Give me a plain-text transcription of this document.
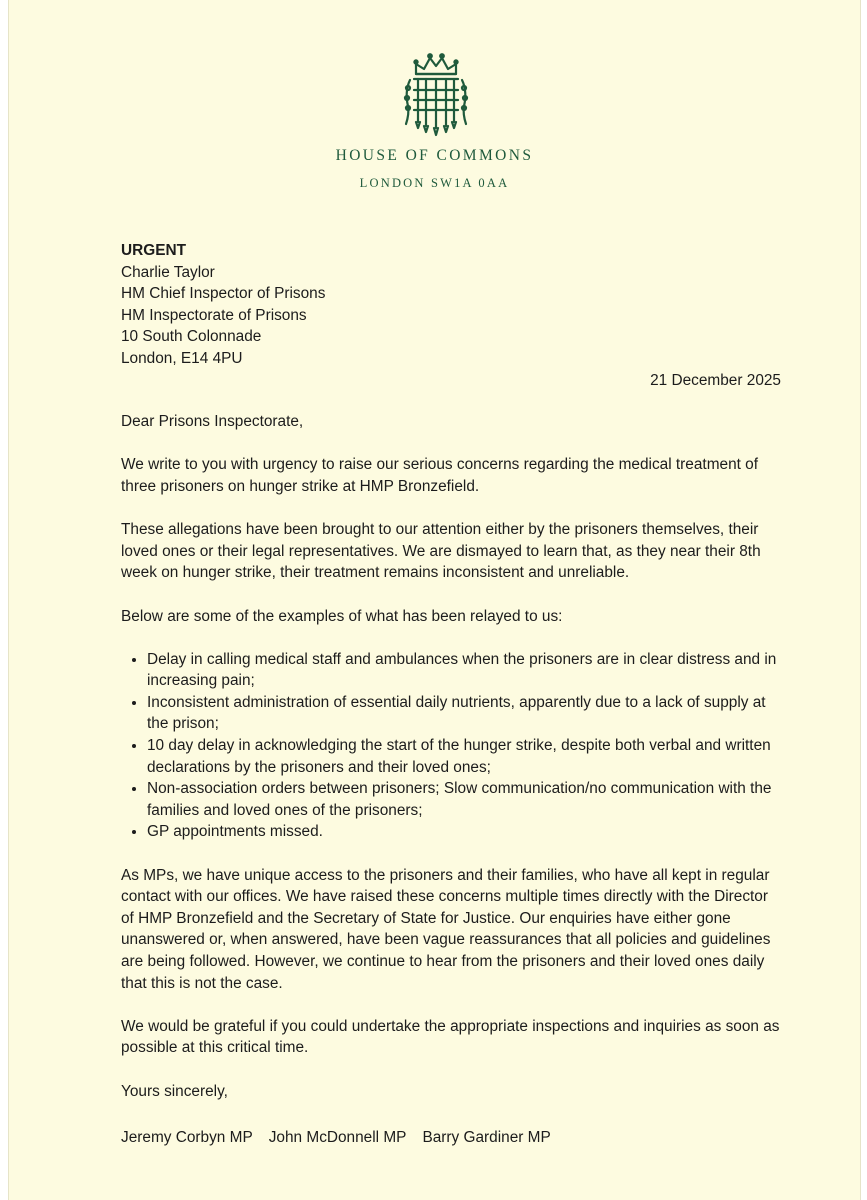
HOUSE OF COMMONS
LONDON SW1A 0AA

URGENT

Charlie Taylor

HM Chief Inspector of Prisons

HM Inspectorate of Prisons

10 South Colonnade

London, E14 4PU

21 December 2025

Dear Prisons Inspectorate,

We write to you with urgency to raise our serious concerns regarding the medical treatment of three prisoners on hunger strike at HMP Bronzefield.

These allegations have been brought to our attention either by the prisoners themselves, their loved ones or their legal representatives. We are dismayed to learn that, as they near their 8th week on hunger strike, their treatment remains inconsistent and unreliable.

Below are some of the examples of what has been relayed to us:

• Delay in calling medical staff and ambulances when the prisoners are in clear distress and in increasing pain;
• Inconsistent administration of essential daily nutrients, apparently due to a lack of supply at the prison;
• 10 day delay in acknowledging the start of the hunger strike, despite both verbal and written declarations by the prisoners and their loved ones;
• Non-association orders between prisoners; Slow communication/no communication with the families and loved ones of the prisoners;
• GP appointments missed.

As MPs, we have unique access to the prisoners and their families, who have all kept in regular contact with our offices. We have raised these concerns multiple times directly with the Director of HMP Bronzefield and the Secretary of State for Justice. Our enquiries have either gone unanswered or, when answered, have been vague reassurances that all policies and guidelines are being followed. However, we continue to hear from the prisoners and their loved ones daily that this is not the case.

We would be grateful if you could undertake the appropriate inspections and inquiries as soon as possible at this critical time.

Yours sincerely,

Jeremy Corbyn MP John McDonnell MP Barry Gardiner MP
